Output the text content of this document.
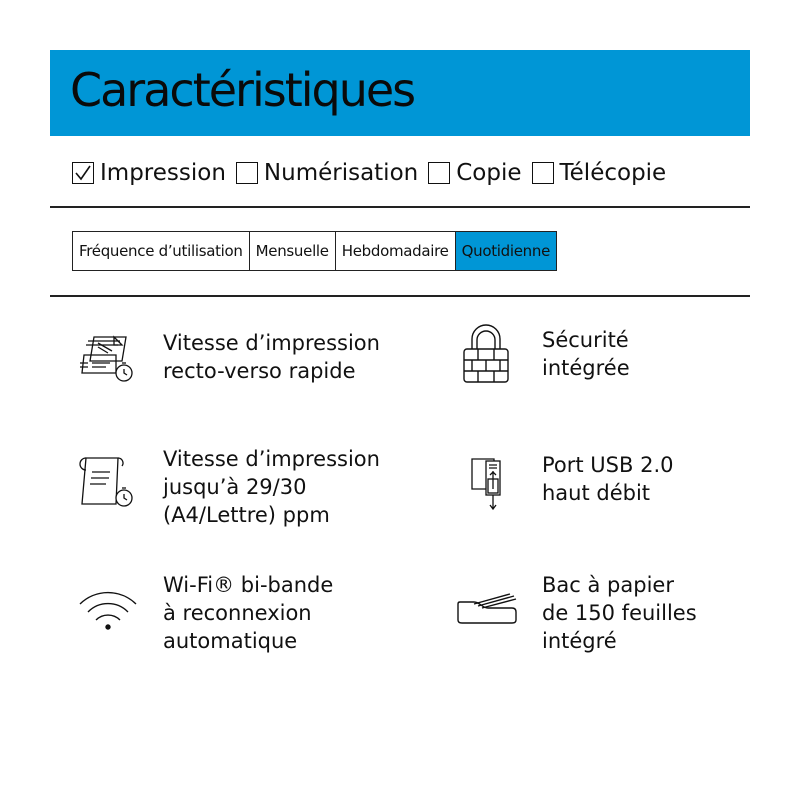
Caractéristiques
Impression Numérisation Copie Télécopie
Fréquence d’utilisation Mensuelle Hebdomadaire Quotidienne
Vitesse d’impression
recto-verso rapide
Sécurité
intégrée
Vitesse d’impression
jusqu’à 29/30
(A4/Lettre) ppm
Port USB 2.0
haut débit
Wi-Fi® bi-bande
à reconnexion
automatique
Bac à papier
de 150 feuilles
intégré
